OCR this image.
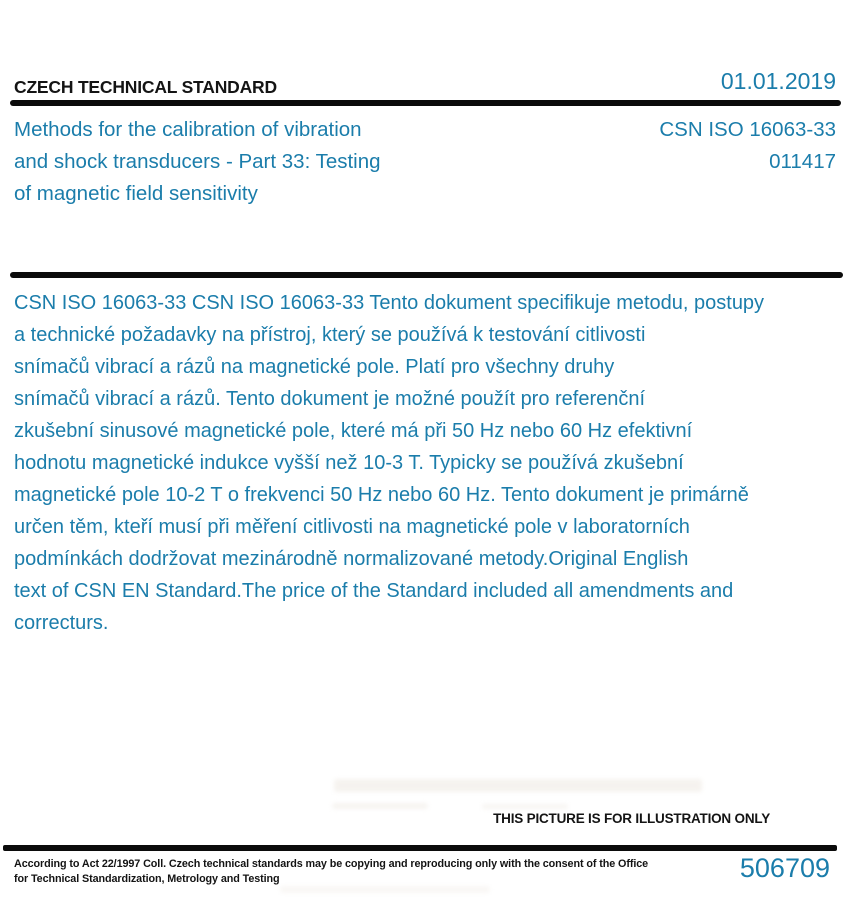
CZECH TECHNICAL STANDARD	01.01.2019
Methods for the calibration of vibration
and shock transducers - Part 33: Testing
of magnetic field sensitivity
CSN ISO 16063-33
011417
CSN ISO 16063-33 CSN ISO 16063-33 Tento dokument specifikuje metodu, postupy
a technické požadavky na přístroj, který se používá k testování citlivosti
snímačů vibrací a rázů na magnetické pole. Platí pro všechny druhy
snímačů vibrací a rázů. Tento dokument je možné použít pro referenční
zkušební sinusové magnetické pole, které má při 50 Hz nebo 60 Hz efektivní
hodnotu magnetické indukce vyšší než 10-3 T. Typicky se používá zkušební
magnetické pole 10-2 T o frekvenci 50 Hz nebo 60 Hz. Tento dokument je primárně
určen těm, kteří musí při měření citlivosti na magnetické pole v laboratorních
podmínkách dodržovat mezinárodně normalizované metody.Original English
text of CSN EN Standard.The price of the Standard included all amendments and
correcturs.
THIS PICTURE IS FOR ILLUSTRATION ONLY
According to Act 22/1997 Coll. Czech technical standards may be copying and reproducing only with the consent of the Office
for Technical Standardization, Metrology and Testing	506709
